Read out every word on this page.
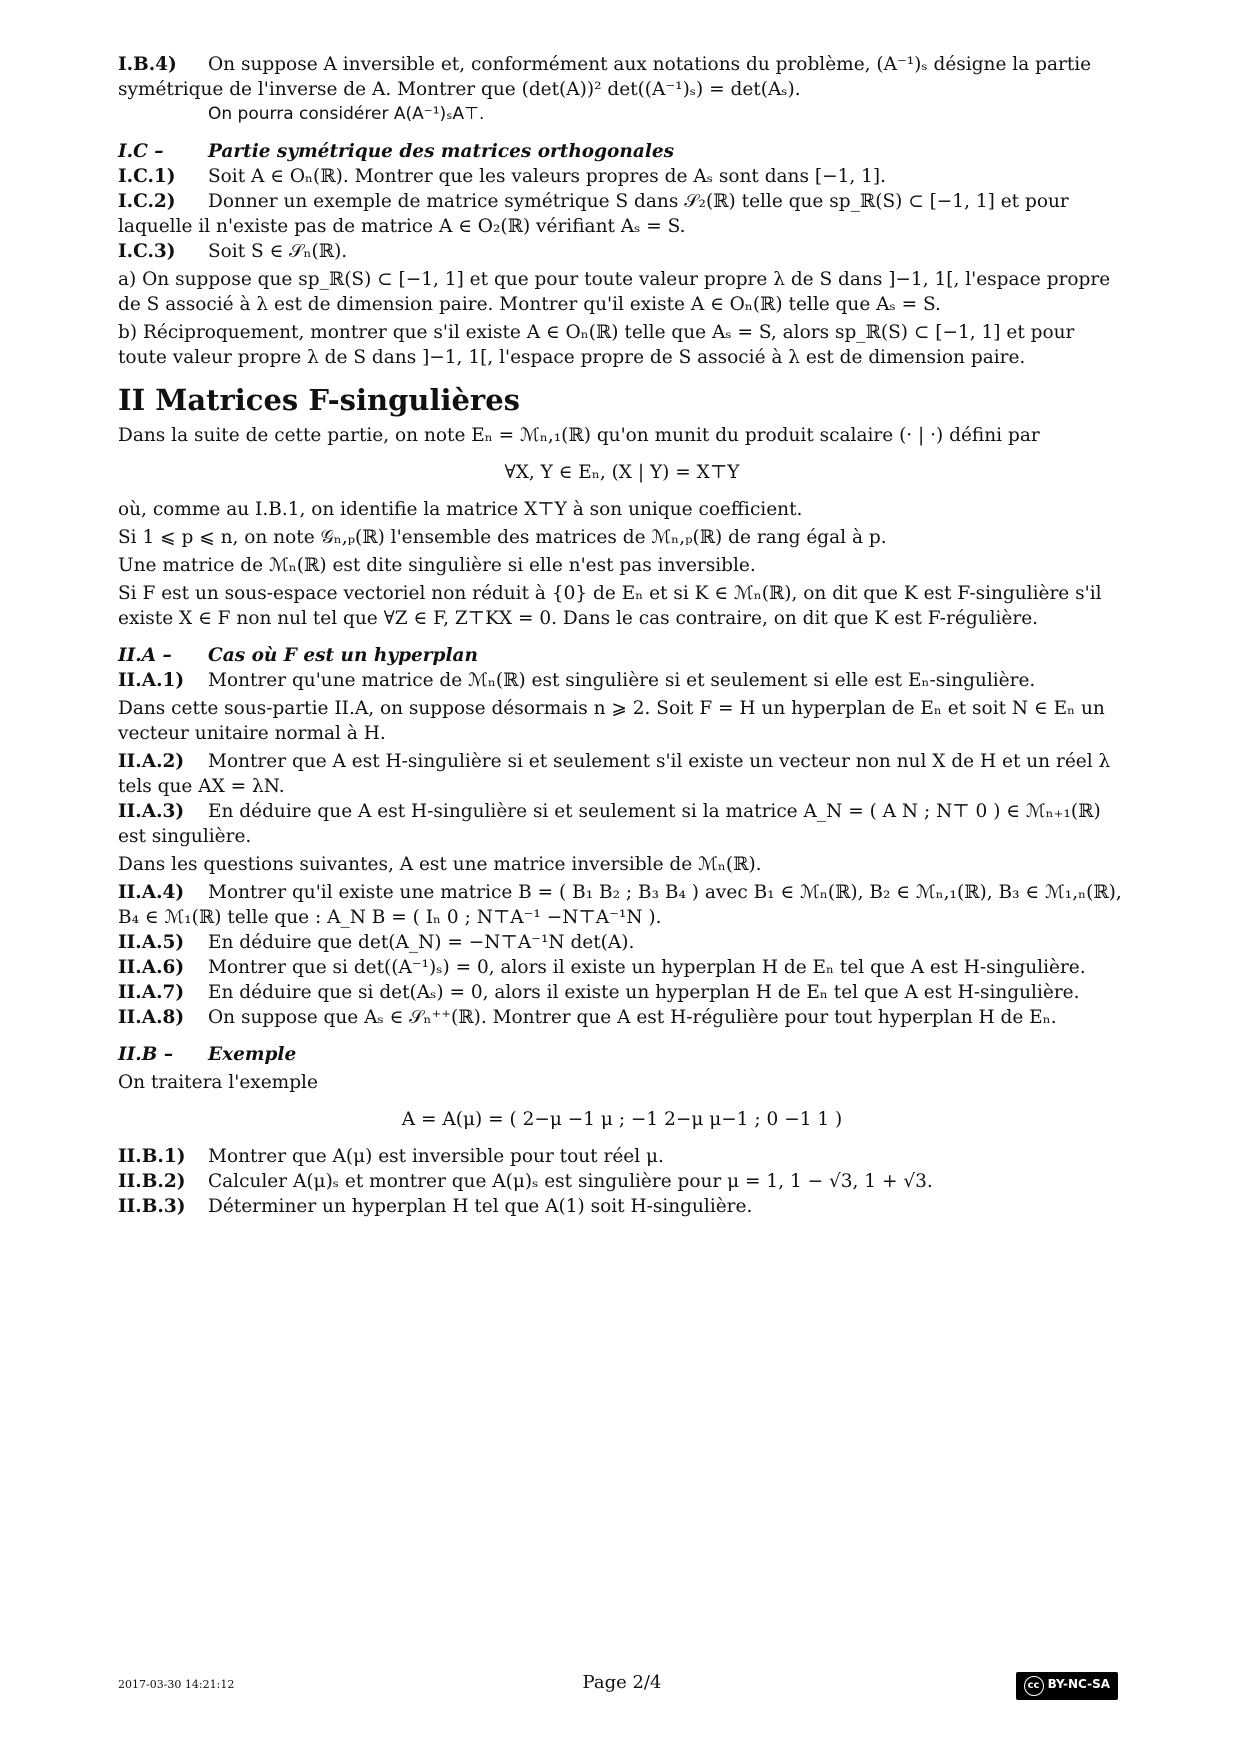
I.B.4) On suppose A inversible et, conformément aux notations du problème, (A⁻¹)ₛ désigne la partie symétrique de l'inverse de A. Montrer que (det(A))² det((A⁻¹)ₛ) = det(Aₛ).

On pourra considérer A(A⁻¹)ₛA⊤.

I.C – Partie symétrique des matrices orthogonales

I.C.1) Soit A ∈ Oₙ(ℝ). Montrer que les valeurs propres de Aₛ sont dans [−1, 1].

I.C.2) Donner un exemple de matrice symétrique S dans 𝒮₂(ℝ) telle que sp_ℝ(S) ⊂ [−1, 1] et pour laquelle il n'existe pas de matrice A ∈ O₂(ℝ) vérifiant Aₛ = S.

I.C.3) Soit S ∈ 𝒮ₙ(ℝ).

a) On suppose que sp_ℝ(S) ⊂ [−1, 1] et que pour toute valeur propre λ de S dans ]−1, 1[, l'espace propre de S associé à λ est de dimension paire. Montrer qu'il existe A ∈ Oₙ(ℝ) telle que Aₛ = S.

b) Réciproquement, montrer que s'il existe A ∈ Oₙ(ℝ) telle que Aₛ = S, alors sp_ℝ(S) ⊂ [−1, 1] et pour toute valeur propre λ de S dans ]−1, 1[, l'espace propre de S associé à λ est de dimension paire.

II Matrices F-singulières

Dans la suite de cette partie, on note Eₙ = ℳₙ,₁(ℝ) qu'on munit du produit scalaire (· | ·) défini par

∀X, Y ∈ Eₙ, (X | Y) = X⊤Y

où, comme au I.B.1, on identifie la matrice X⊤Y à son unique coefficient.

Si 1 ⩽ p ⩽ n, on note 𝒢ₙ,ₚ(ℝ) l'ensemble des matrices de ℳₙ,ₚ(ℝ) de rang égal à p.

Une matrice de ℳₙ(ℝ) est dite singulière si elle n'est pas inversible.

Si F est un sous-espace vectoriel non réduit à {0} de Eₙ et si K ∈ ℳₙ(ℝ), on dit que K est F-singulière s'il existe X ∈ F non nul tel que ∀Z ∈ F, Z⊤KX = 0. Dans le cas contraire, on dit que K est F-régulière.

II.A – Cas où F est un hyperplan

II.A.1) Montrer qu'une matrice de ℳₙ(ℝ) est singulière si et seulement si elle est Eₙ-singulière.

Dans cette sous-partie II.A, on suppose désormais n ⩾ 2. Soit F = H un hyperplan de Eₙ et soit N ∈ Eₙ un vecteur unitaire normal à H.

II.A.2) Montrer que A est H-singulière si et seulement s'il existe un vecteur non nul X de H et un réel λ tels que AX = λN.

II.A.3) En déduire que A est H-singulière si et seulement si la matrice A_N = ( A N ; N⊤ 0 ) ∈ ℳₙ₊₁(ℝ) est singulière.

Dans les questions suivantes, A est une matrice inversible de ℳₙ(ℝ).

II.A.4) Montrer qu'il existe une matrice B = ( B₁ B₂ ; B₃ B₄ ) avec B₁ ∈ ℳₙ(ℝ), B₂ ∈ ℳₙ,₁(ℝ), B₃ ∈ ℳ₁,ₙ(ℝ), B₄ ∈ ℳ₁(ℝ) telle que : A_N B = ( Iₙ 0 ; N⊤A⁻¹ −N⊤A⁻¹N ).

II.A.5) En déduire que det(A_N) = −N⊤A⁻¹N det(A).

II.A.6) Montrer que si det((A⁻¹)ₛ) = 0, alors il existe un hyperplan H de Eₙ tel que A est H-singulière.

II.A.7) En déduire que si det(Aₛ) = 0, alors il existe un hyperplan H de Eₙ tel que A est H-singulière.

II.A.8) On suppose que Aₛ ∈ 𝒮ₙ⁺⁺(ℝ). Montrer que A est H-régulière pour tout hyperplan H de Eₙ.

II.B – Exemple

On traitera l'exemple

A = A(μ) = ( 2−μ −1 μ ; −1 2−μ μ−1 ; 0 −1 1 )

II.B.1) Montrer que A(μ) est inversible pour tout réel μ.

II.B.2) Calculer A(μ)ₛ et montrer que A(μ)ₛ est singulière pour μ = 1, 1 − √3, 1 + √3.

II.B.3) Déterminer un hyperplan H tel que A(1) soit H-singulière.

2017-03-30 14:21:12	Page 2/4	cc BY-NC-SA
